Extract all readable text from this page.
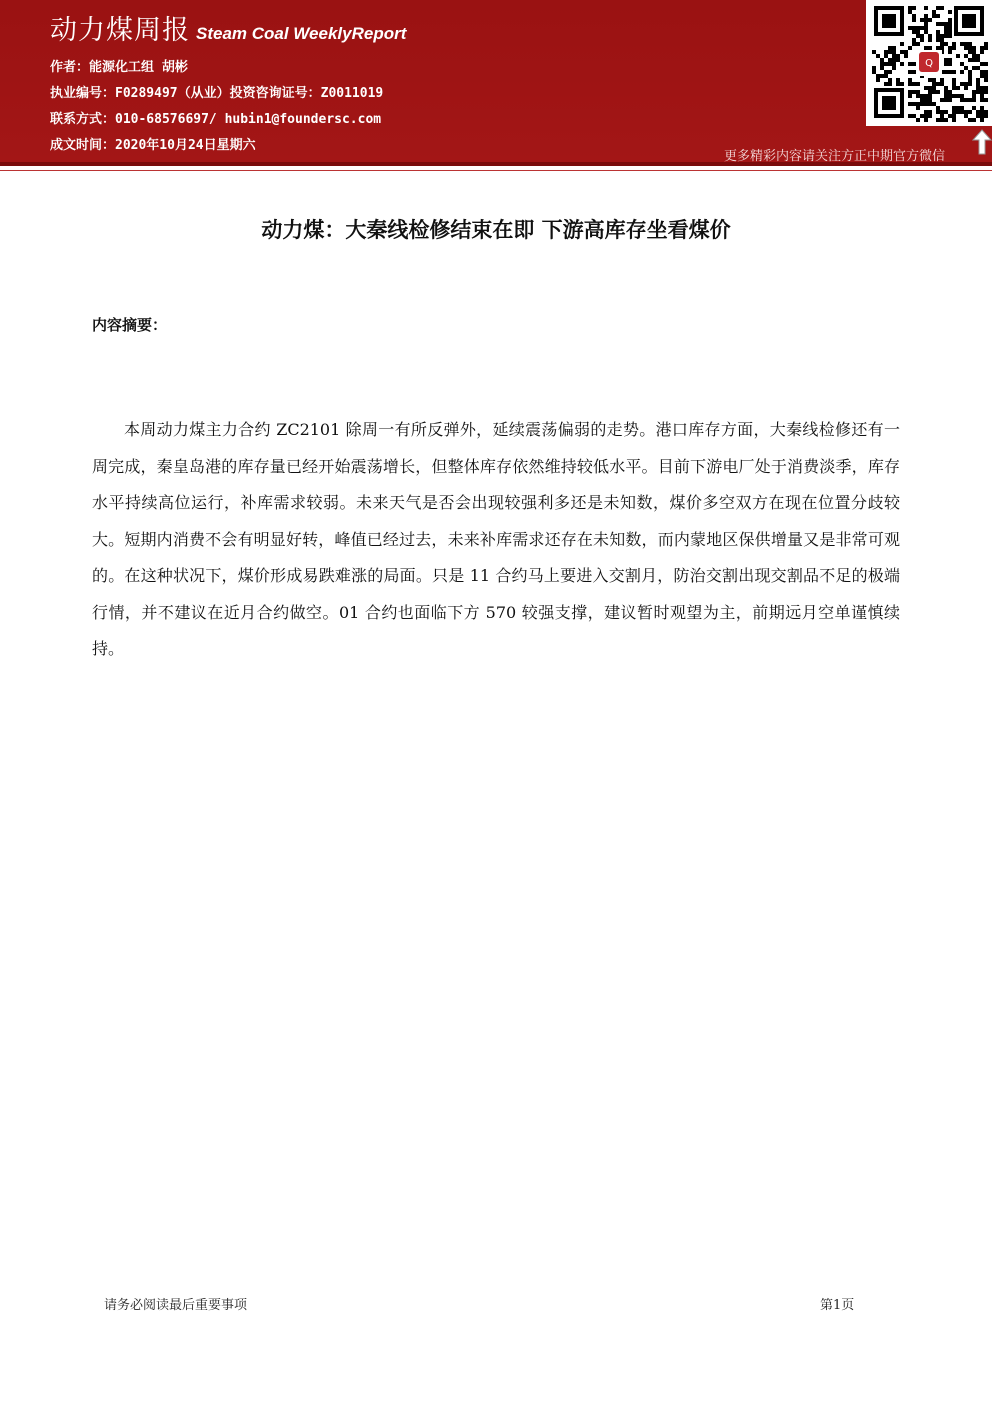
动力煤周报 Steam Coal WeeklyReport
作者：能源化工组 胡彬
执业编号：F0289497（从业）投资咨询证号：Z0011019
联系方式：010-68576697/ hubin1@foundersc.com
成文时间：2020年10月24日星期六
Q
更多精彩内容请关注方正中期官方微信
动力煤：大秦线检修结束在即 下游高库存坐看煤价
内容摘要：
本周动力煤主力合约 ZC2101 除周一有所反弹外，延续震荡偏弱的走势。港口库存方面，大秦线检修还有一周完成，秦皇岛港的库存量已经开始震荡增长，但整体库存依然维持较低水平。目前下游电厂处于消费淡季，库存水平持续高位运行，补库需求较弱。未来天气是否会出现较强利多还是未知数，煤价多空双方在现在位置分歧较大。短期内消费不会有明显好转，峰值已经过去，未来补库需求还存在未知数，而内蒙地区保供增量又是非常可观的。在这种状况下，煤价形成易跌难涨的局面。只是 11 合约马上要进入交割月，防治交割出现交割品不足的极端行情，并不建议在近月合约做空。01 合约也面临下方 570 较强支撑，建议暂时观望为主，前期远月空单谨慎续持。
请务必阅读最后重要事项	第1页
